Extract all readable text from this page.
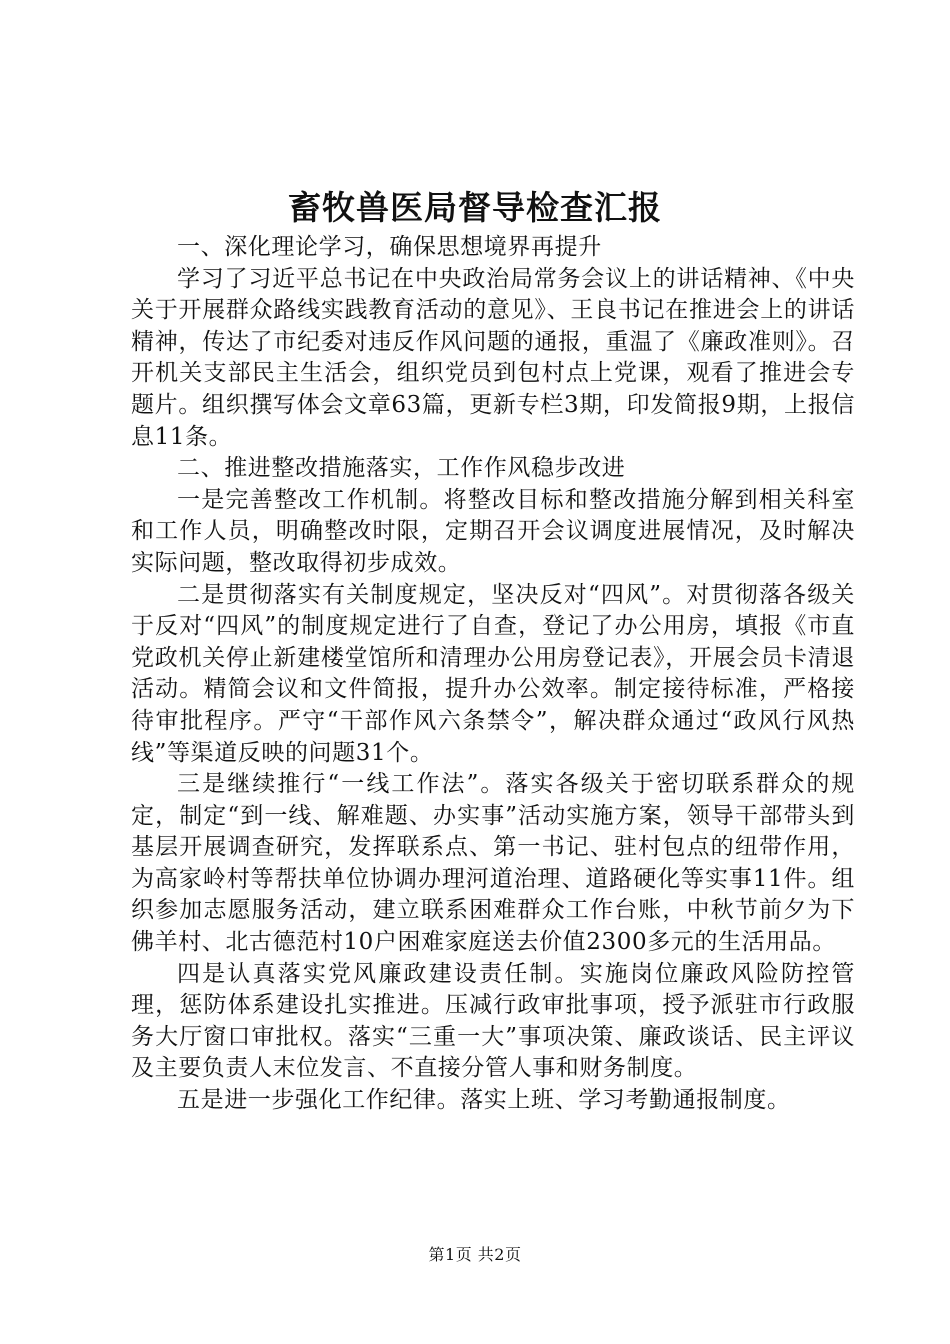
畜牧兽医局督导检查汇报

一、深化理论学习，确保思想境界再提升

学习了习近平总书记在中央政治局常务会议上的讲话精神、《中央关于开展群众路线实践教育活动的意见》、王良书记在推进会上的讲话精神，传达了市纪委对违反作风问题的通报，重温了《廉政准则》。召开机关支部民主生活会，组织党员到包村点上党课，观看了推进会专题片。组织撰写体会文章63篇，更新专栏3期，印发简报9期，上报信息11条。

二、推进整改措施落实，工作作风稳步改进

一是完善整改工作机制。将整改目标和整改措施分解到相关科室和工作人员，明确整改时限，定期召开会议调度进展情况，及时解决实际问题，整改取得初步成效。

二是贯彻落实有关制度规定，坚决反对“四风”。对贯彻落各级关于反对“四风”的制度规定进行了自查，登记了办公用房，填报《市直党政机关停止新建楼堂馆所和清理办公用房登记表》，开展会员卡清退活动。精简会议和文件简报，提升办公效率。制定接待标准，严格接待审批程序。严守“干部作风六条禁令”，解决群众通过“政风行风热线”等渠道反映的问题31个。

三是继续推行“一线工作法”。落实各级关于密切联系群众的规定，制定“到一线、解难题、办实事”活动实施方案，领导干部带头到基层开展调查研究，发挥联系点、第一书记、驻村包点的纽带作用，为高家岭村等帮扶单位协调办理河道治理、道路硬化等实事11件。组织参加志愿服务活动，建立联系困难群众工作台账，中秋节前夕为下佛羊村、北古德范村10户困难家庭送去价值2300多元的生活用品。

四是认真落实党风廉政建设责任制。实施岗位廉政风险防控管理，惩防体系建设扎实推进。压减行政审批事项，授予派驻市行政服务大厅窗口审批权。落实“三重一大”事项决策、廉政谈话、民主评议及主要负责人末位发言、不直接分管人事和财务制度。

五是进一步强化工作纪律。落实上班、学习考勤通报制度。

第1页 共2页
